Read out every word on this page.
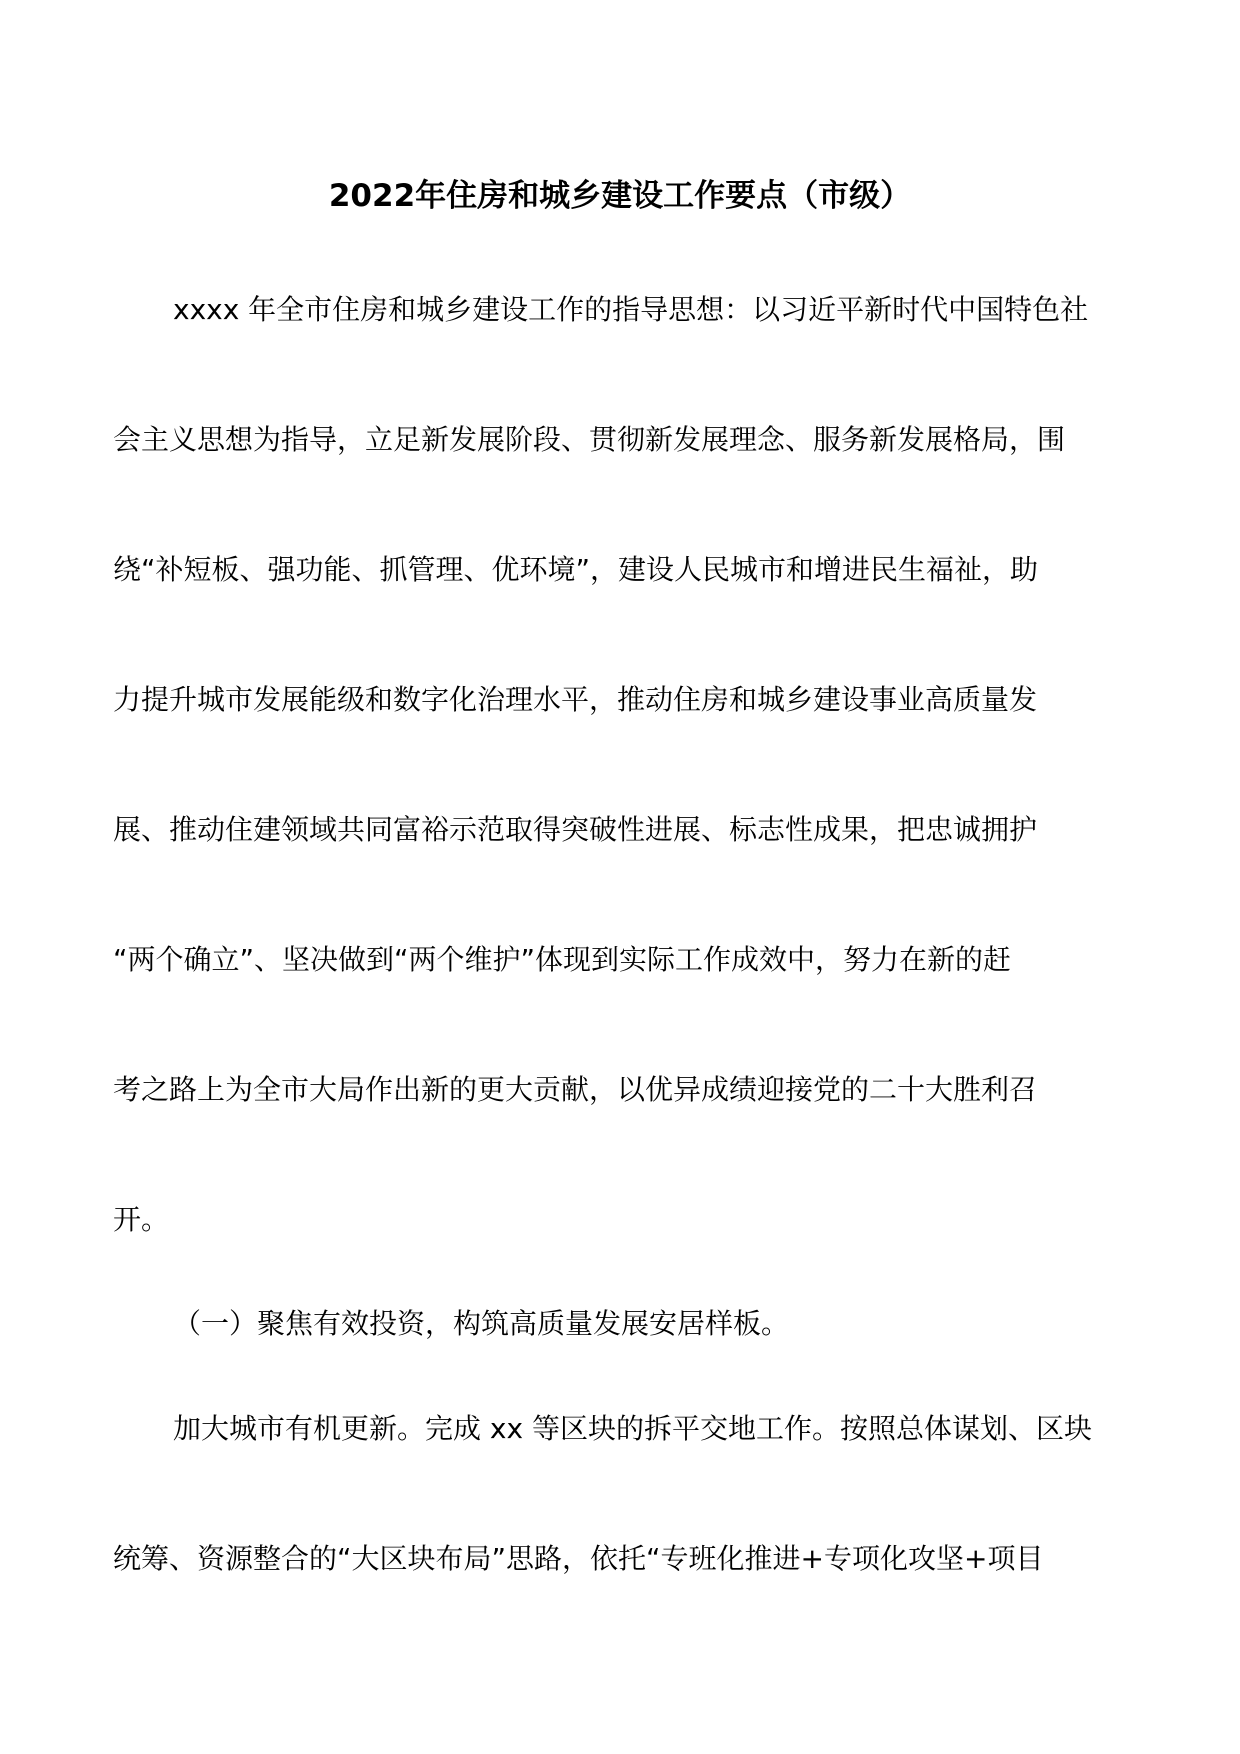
2022年住房和城乡建设工作要点（市级）
xxxx 年全市住房和城乡建设工作的指导思想：以习近平新时代中国特色社
会主义思想为指导，立足新发展阶段、贯彻新发展理念、服务新发展格局，围
绕“补短板、强功能、抓管理、优环境”，建设人民城市和增进民生福祉，助
力提升城市发展能级和数字化治理水平，推动住房和城乡建设事业高质量发
展、推动住建领域共同富裕示范取得突破性进展、标志性成果，把忠诚拥护
“两个确立”、坚决做到“两个维护”体现到实际工作成效中，努力在新的赶
考之路上为全市大局作出新的更大贡献，以优异成绩迎接党的二十大胜利召
开。
（一）聚焦有效投资，构筑高质量发展安居样板。
加大城市有机更新。完成 xx 等区块的拆平交地工作。按照总体谋划、区块
统筹、资源整合的“大区块布局”思路，依托“专班化推进+专项化攻坚+项目
